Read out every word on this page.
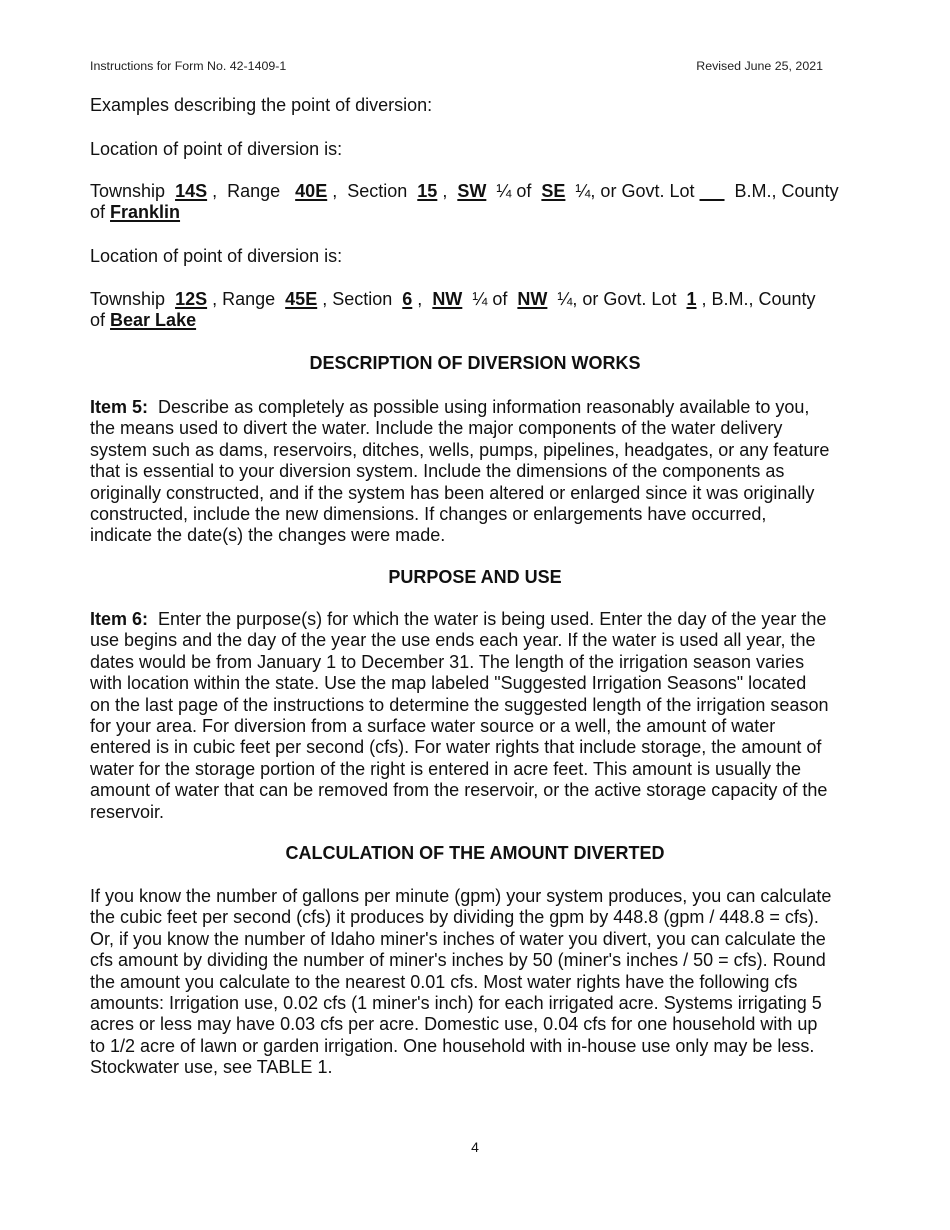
Instructions for Form No. 42-1409-1	Revised June 25, 2021

Examples describing the point of diversion:

Location of point of diversion is:

Township 14S ,  Range 40E ,  Section 15 ,  SW ¼ of SE ¼, or Govt. Lot B.M., County
of Franklin

Location of point of diversion is:

Township 12S , Range 45E , Section 6 ,  NW ¼ of NW ¼, or Govt. Lot 1 , B.M., County
of Bear Lake

DESCRIPTION OF DIVERSION WORKS

Item 5: Describe as completely as possible using information reasonably available to you,
the means used to divert the water. Include the major components of the water delivery
system such as dams, reservoirs, ditches, wells, pumps, pipelines, headgates, or any feature
that is essential to your diversion system. Include the dimensions of the components as
originally constructed, and if the system has been altered or enlarged since it was originally
constructed, include the new dimensions. If changes or enlargements have occurred,
indicate the date(s) the changes were made.

PURPOSE AND USE

Item 6: Enter the purpose(s) for which the water is being used. Enter the day of the year the
use begins and the day of the year the use ends each year. If the water is used all year, the
dates would be from January 1 to December 31. The length of the irrigation season varies
with location within the state. Use the map labeled "Suggested Irrigation Seasons" located
on the last page of the instructions to determine the suggested length of the irrigation season
for your area. For diversion from a surface water source or a well, the amount of water
entered is in cubic feet per second (cfs). For water rights that include storage, the amount of
water for the storage portion of the right is entered in acre feet. This amount is usually the
amount of water that can be removed from the reservoir, or the active storage capacity of the
reservoir.

CALCULATION OF THE AMOUNT DIVERTED

If you know the number of gallons per minute (gpm) your system produces, you can calculate
the cubic feet per second (cfs) it produces by dividing the gpm by 448.8 (gpm / 448.8 = cfs).
Or, if you know the number of Idaho miner's inches of water you divert, you can calculate the
cfs amount by dividing the number of miner's inches by 50 (miner's inches / 50 = cfs). Round
the amount you calculate to the nearest 0.01 cfs. Most water rights have the following cfs
amounts: Irrigation use, 0.02 cfs (1 miner's inch) for each irrigated acre. Systems irrigating 5
acres or less may have 0.03 cfs per acre. Domestic use, 0.04 cfs for one household with up
to 1/2 acre of lawn or garden irrigation. One household with in-house use only may be less.
Stockwater use, see TABLE 1.

4
